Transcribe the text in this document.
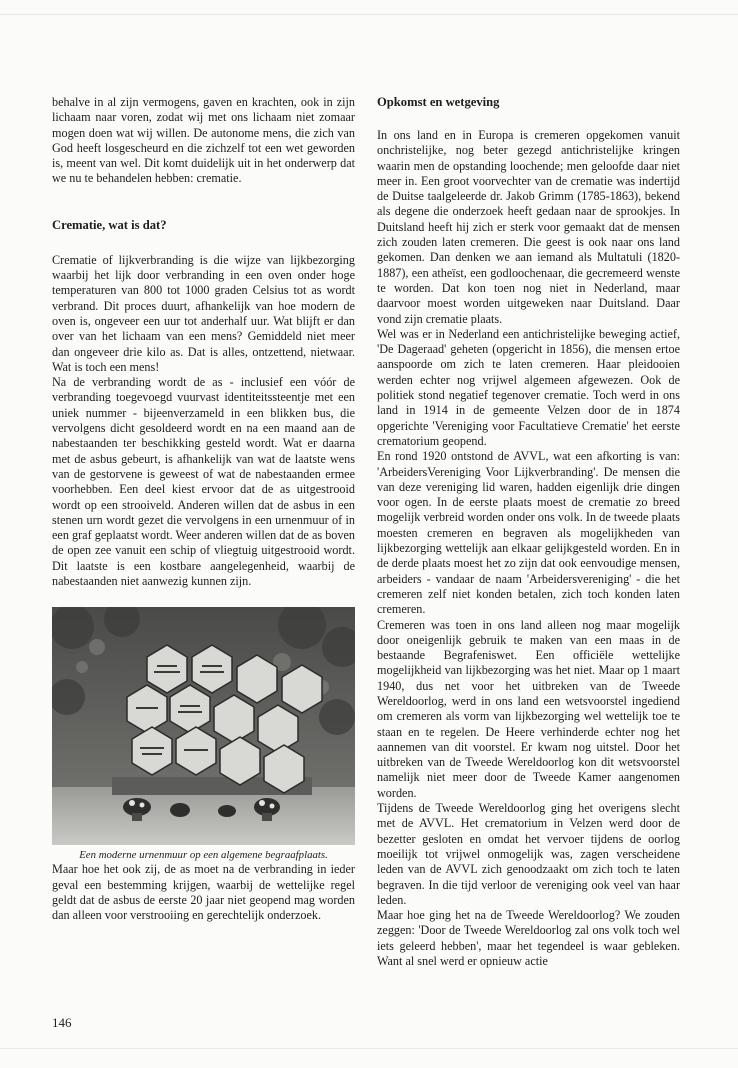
behalve in al zijn vermogens, gaven en krachten, ook in zijn lichaam naar voren, zodat wij met ons lichaam niet zomaar mogen doen wat wij willen. De autonome mens, die zich van God heeft losgescheurd en die zichzelf tot een wet geworden is, meent van wel. Dit komt duidelijk uit in het onderwerp dat we nu te behandelen hebben: crematie.

Crematie, wat is dat?

Crematie of lijkverbranding is die wijze van lijkbezorging waarbij het lijk door verbranding in een oven onder hoge temperaturen van 800 tot 1000 graden Celsius tot as wordt verbrand. Dit proces duurt, afhankelijk van hoe modern de oven is, ongeveer een uur tot anderhalf uur. Wat blijft er dan over van het lichaam van een mens? Gemiddeld niet meer dan ongeveer drie kilo as. Dat is alles, ontzettend, nietwaar. Wat is toch een mens!

Na de verbranding wordt de as - inclusief een vóór de verbranding toegevoegd vuurvast identiteitssteentje met een uniek nummer - bijeenverzameld in een blikken bus, die vervolgens dicht gesoldeerd wordt en na een maand aan de nabestaanden ter beschikking gesteld wordt. Wat er daarna met de asbus gebeurt, is afhankelijk van wat de laatste wens van de gestorvene is geweest of wat de nabestaanden ermee voorhebben. Een deel kiest ervoor dat de as uitgestrooid wordt op een strooiveld. Anderen willen dat de asbus in een stenen urn wordt gezet die vervolgens in een urnenmuur of in een graf geplaatst wordt. Weer anderen willen dat de as boven de open zee vanuit een schip of vliegtuig uitgestrooid wordt. Dit laatste is een kostbare aangelegenheid, waarbij de nabestaanden niet aanwezig kunnen zijn.

Een moderne urnenmuur op een algemene begraafplaats.

Maar hoe het ook zij, de as moet na de verbranding in ieder geval een bestemming krijgen, waarbij de wettelijke regel geldt dat de asbus de eerste 20 jaar niet geopend mag worden dan alleen voor verstrooiing en gerechtelijk onderzoek.

Opkomst en wetgeving

In ons land en in Europa is cremeren opgekomen vanuit onchristelijke, nog beter gezegd antichristelijke kringen waarin men de opstanding loochende; men geloofde daar niet meer in. Een groot voorvechter van de crematie was indertijd de Duitse taalgeleerde dr. Jakob Grimm (1785-1863), bekend als degene die onderzoek heeft gedaan naar de sprookjes. In Duitsland heeft hij zich er sterk voor gemaakt dat de mensen zich zouden laten cremeren. Die geest is ook naar ons land gekomen. Dan denken we aan iemand als Multatuli (1820-1887), een atheïst, een godloochenaar, die gecremeerd wenste te worden. Dat kon toen nog niet in Nederland, maar daarvoor moest worden uitgeweken naar Duitsland. Daar vond zijn crematie plaats.

Wel was er in Nederland een antichristelijke beweging actief, 'De Dageraad' geheten (opgericht in 1856), die mensen ertoe aanspoorde om zich te laten cremeren. Haar pleidooien werden echter nog vrijwel algemeen afgewezen. Ook de politiek stond negatief tegenover crematie. Toch werd in ons land in 1914 in de gemeente Velzen door de in 1874 opgerichte 'Vereniging voor Facultatieve Crematie' het eerste crematorium geopend.

En rond 1920 ontstond de AVVL, wat een afkorting is van: 'ArbeidersVereniging Voor Lijkverbranding'. De mensen die van deze vereniging lid waren, hadden eigenlijk drie dingen voor ogen. In de eerste plaats moest de crematie zo breed mogelijk verbreid worden onder ons volk. In de tweede plaats moesten cremeren en begraven als mogelijkheden van lijkbezorging wettelijk aan elkaar gelijkgesteld worden. En in de derde plaats moest het zo zijn dat ook eenvoudige mensen, arbeiders - vandaar de naam 'Arbeidersvereniging' - die het cremeren zelf niet konden betalen, zich toch konden laten cremeren.

Cremeren was toen in ons land alleen nog maar mogelijk door oneigenlijk gebruik te maken van een maas in de bestaande Begrafeniswet. Een officiële wettelijke mogelijkheid van lijkbezorging was het niet. Maar op 1 maart 1940, dus net voor het uitbreken van de Tweede Wereldoorlog, werd in ons land een wetsvoorstel ingediend om cremeren als vorm van lijkbezorging wel wettelijk toe te staan en te regelen. De Heere verhinderde echter nog het aannemen van dit voorstel. Er kwam nog uitstel. Door het uitbreken van de Tweede Wereldoorlog kon dit wetsvoorstel namelijk niet meer door de Tweede Kamer aangenomen worden.

Tijdens de Tweede Wereldoorlog ging het overigens slecht met de AVVL. Het crematorium in Velzen werd door de bezetter gesloten en omdat het vervoer tijdens de oorlog moeilijk tot vrijwel onmogelijk was, zagen verscheidene leden van de AVVL zich genoodzaakt om zich toch te laten begraven. In die tijd verloor de vereniging ook veel van haar leden.

Maar hoe ging het na de Tweede Wereldoorlog? We zouden zeggen: 'Door de Tweede Wereldoorlog zal ons volk toch wel iets geleerd hebben', maar het tegendeel is waar gebleken. Want al snel werd er opnieuw actie

146
